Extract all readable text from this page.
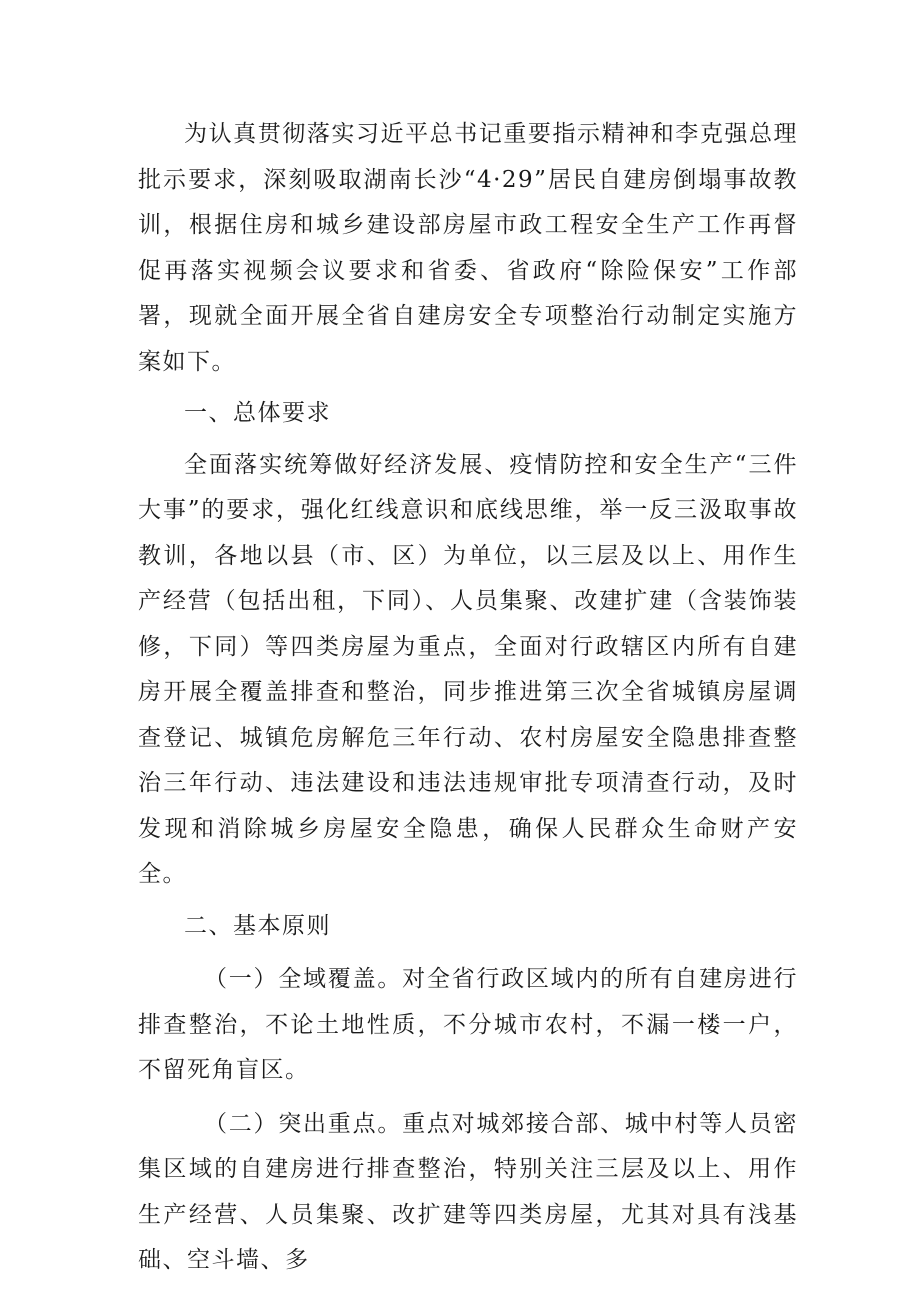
为认真贯彻落实习近平总书记重要指示精神和李克强总理批示要求，深刻吸取湖南长沙“4·29”居民自建房倒塌事故教训，根据住房和城乡建设部房屋市政工程安全生产工作再督促再落实视频会议要求和省委、省政府“除险保安”工作部署，现就全面开展全省自建房安全专项整治行动制定实施方案如下。

一、总体要求

全面落实统筹做好经济发展、疫情防控和安全生产“三件大事”的要求，强化红线意识和底线思维，举一反三汲取事故教训，各地以县（市、区）为单位，以三层及以上、用作生产经营（包括出租，下同）、人员集聚、改建扩建（含装饰装修，下同）等四类房屋为重点，全面对行政辖区内所有自建房开展全覆盖排查和整治，同步推进第三次全省城镇房屋调查登记、城镇危房解危三年行动、农村房屋安全隐患排查整治三年行动、违法建设和违法违规审批专项清查行动，及时发现和消除城乡房屋安全隐患，确保人民群众生命财产安全。

二、基本原则

（一）全域覆盖。对全省行政区域内的所有自建房进行排查整治，不论土地性质，不分城市农村，不漏一楼一户，不留死角盲区。

（二）突出重点。重点对城郊接合部、城中村等人员密集区域的自建房进行排查整治，特别关注三层及以上、用作生产经营、人员集聚、改扩建等四类房屋，尤其对具有浅基础、空斗墙、多
